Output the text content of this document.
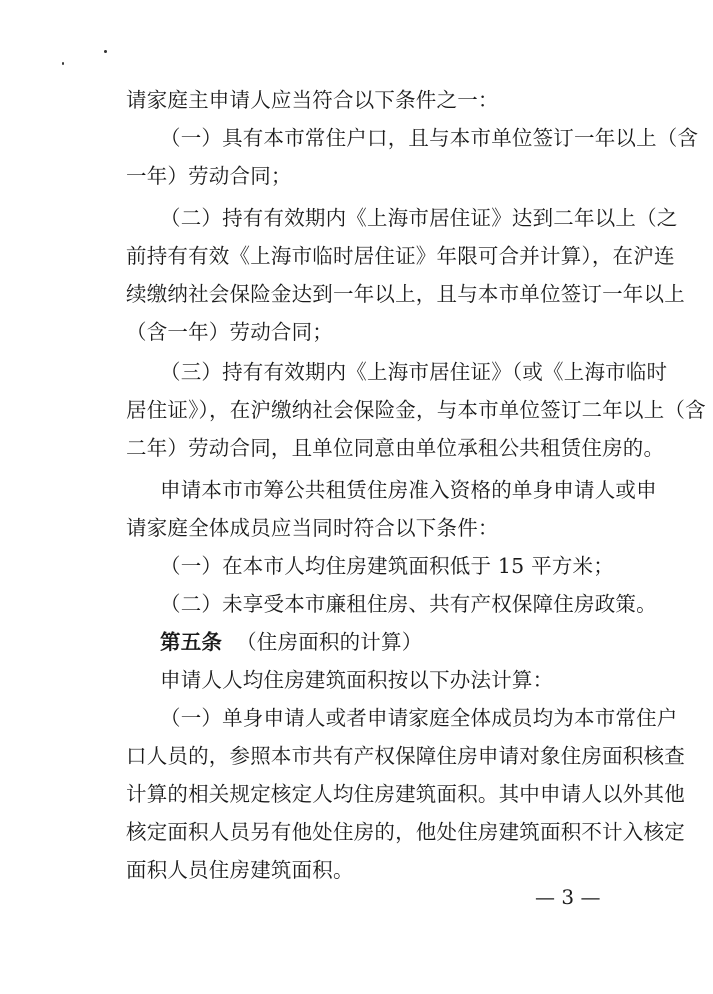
请家庭主申请人应当符合以下条件之一：
（一）具有本市常住户口，且与本市单位签订一年以上（含
一年）劳动合同；
（二）持有有效期内《上海市居住证》达到二年以上（之
前持有有效《上海市临时居住证》年限可合并计算），在沪连
续缴纳社会保险金达到一年以上，且与本市单位签订一年以上
（含一年）劳动合同；
（三）持有有效期内《上海市居住证》（或《上海市临时
居住证》），在沪缴纳社会保险金，与本市单位签订二年以上（含
二年）劳动合同，且单位同意由单位承租公共租赁住房的。
申请本市市筹公共租赁住房准入资格的单身申请人或申
请家庭全体成员应当同时符合以下条件：
（一）在本市人均住房建筑面积低于 15 平方米；
（二）未享受本市廉租住房、共有产权保障住房政策。
第五条 （住房面积的计算）
申请人人均住房建筑面积按以下办法计算：
（一）单身申请人或者申请家庭全体成员均为本市常住户
口人员的，参照本市共有产权保障住房申请对象住房面积核查
计算的相关规定核定人均住房建筑面积。其中申请人以外其他
核定面积人员另有他处住房的，他处住房建筑面积不计入核定
面积人员住房建筑面积。
— 3 —
